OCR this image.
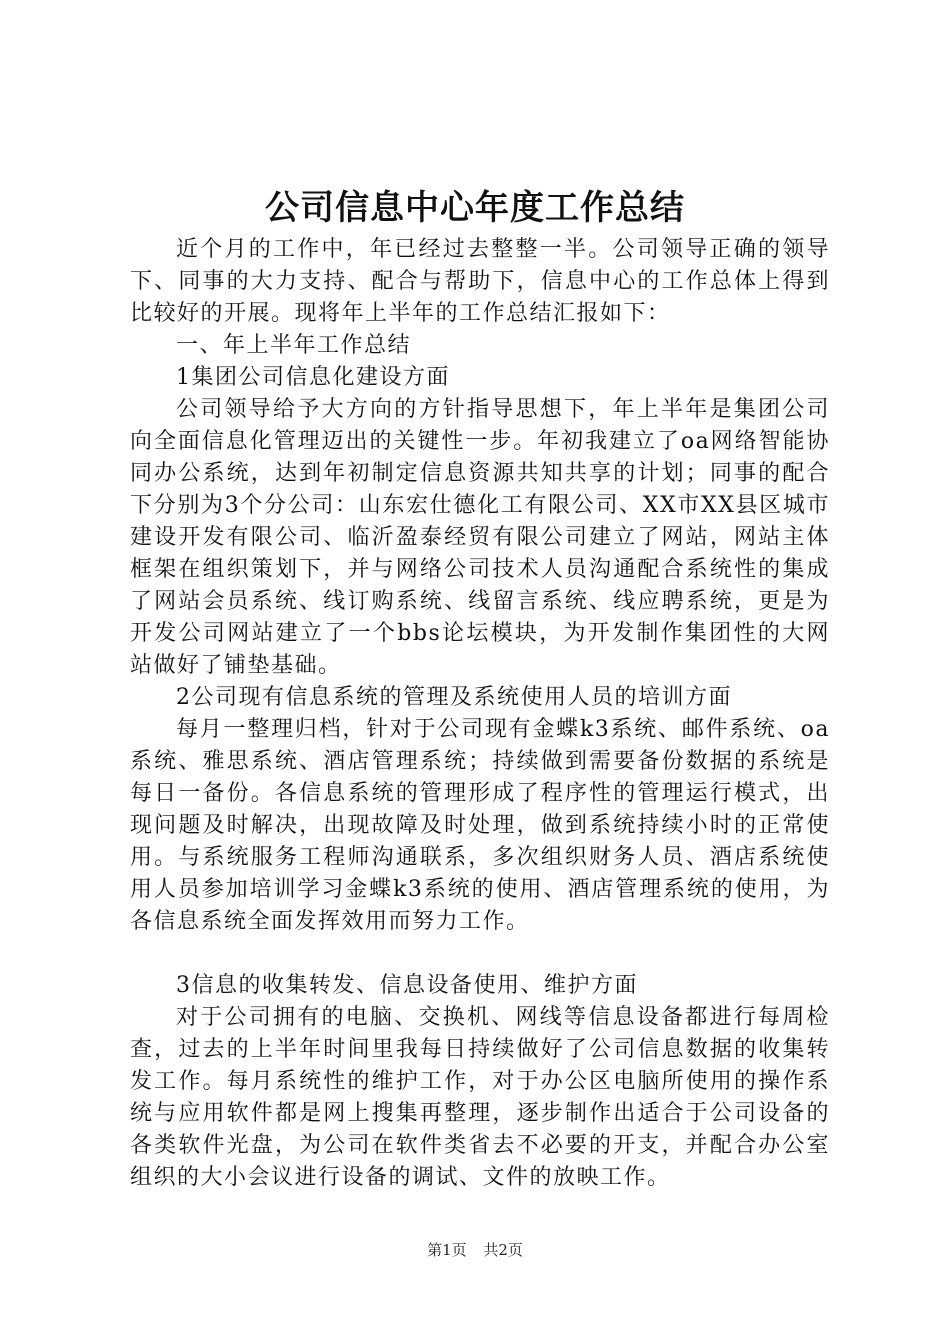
公司信息中心年度工作总结

近个月的工作中，年已经过去整整一半。公司领导正确的领导下、同事的大力支持、配合与帮助下，信息中心的工作总体上得到比较好的开展。现将年上半年的工作总结汇报如下：

一、年上半年工作总结

1集团公司信息化建设方面

公司领导给予大方向的方针指导思想下，年上半年是集团公司向全面信息化管理迈出的关键性一步。年初我建立了oa网络智能协同办公系统，达到年初制定信息资源共知共享的计划；同事的配合下分别为3个分公司：山东宏仕德化工有限公司、XX市XX县区城市建设开发有限公司、临沂盈泰经贸有限公司建立了网站，网站主体框架在组织策划下，并与网络公司技术人员沟通配合系统性的集成了网站会员系统、线订购系统、线留言系统、线应聘系统，更是为开发公司网站建立了一个bbs论坛模块，为开发制作集团性的大网站做好了铺垫基础。

2公司现有信息系统的管理及系统使用人员的培训方面

每月一整理归档，针对于公司现有金蝶k3系统、邮件系统、oa系统、雅思系统、酒店管理系统；持续做到需要备份数据的系统是每日一备份。各信息系统的管理形成了程序性的管理运行模式，出现问题及时解决，出现故障及时处理，做到系统持续小时的正常使用。与系统服务工程师沟通联系，多次组织财务人员、酒店系统使用人员参加培训学习金蝶k3系统的使用、酒店管理系统的使用，为各信息系统全面发挥效用而努力工作。

3信息的收集转发、信息设备使用、维护方面

对于公司拥有的电脑、交换机、网线等信息设备都进行每周检查，过去的上半年时间里我每日持续做好了公司信息数据的收集转发工作。每月系统性的维护工作，对于办公区电脑所使用的操作系统与应用软件都是网上搜集再整理，逐步制作出适合于公司设备的各类软件光盘，为公司在软件类省去不必要的开支，并配合办公室组织的大小会议进行设备的调试、文件的放映工作。

第1页 共2页
